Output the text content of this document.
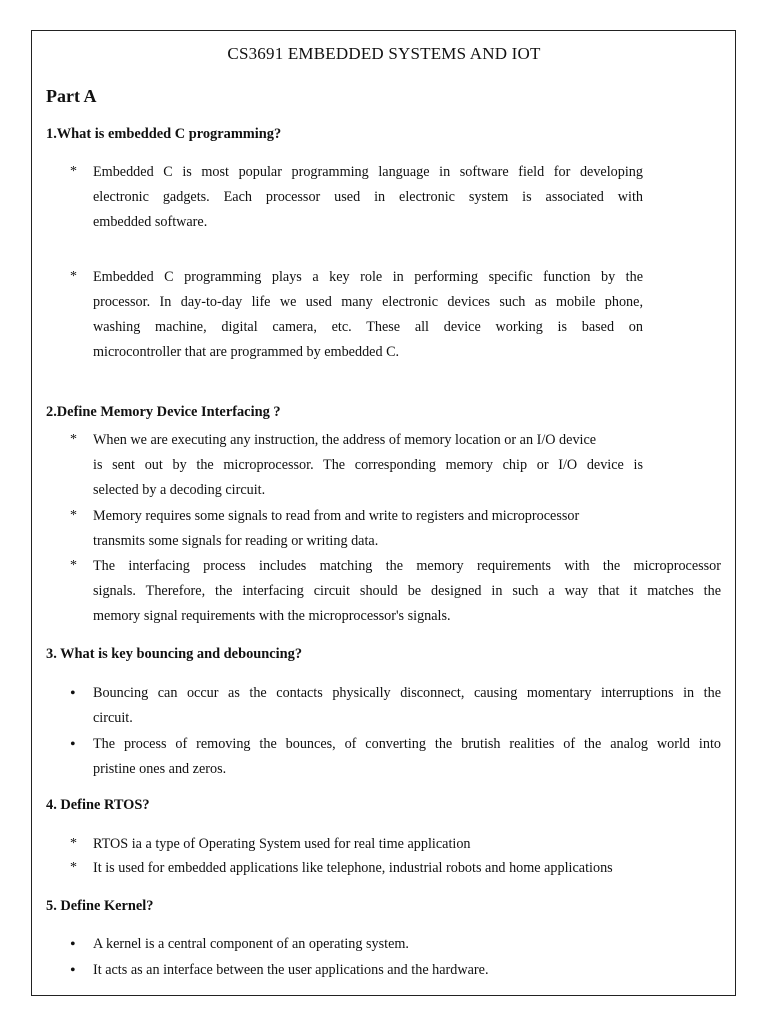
CS3691 EMBEDDED SYSTEMS AND IOT
Part A
1.What is embedded C programming?
* Embedded C is most popular programming language in software field for developing
electronic gadgets. Each processor used in electronic system is associated with
embedded software.
* Embedded C programming plays a key role in performing specific function by the
processor. In day-to-day life we used many electronic devices such as mobile phone,
washing machine, digital camera, etc. These all device working is based on
microcontroller that are programmed by embedded C.
2.Define Memory Device Interfacing ?
* When we are executing any instruction, the address of memory location or an I/O device
is sent out by the microprocessor. The corresponding memory chip or I/O device is
selected by a decoding circuit.
* Memory requires some signals to read from and write to registers and microprocessor
transmits some signals for reading or writing data.
* The interfacing process includes matching the memory requirements with the microprocessor
signals. Therefore, the interfacing circuit should be designed in such a way that it matches the
memory signal requirements with the microprocessor's signals.
3. What is key bouncing and debouncing?
• Bouncing can occur as the contacts physically disconnect, causing momentary interruptions in the
circuit.
• The process of removing the bounces, of converting the brutish realities of the analog world into
pristine ones and zeros.
4. Define RTOS?
* RTOS ia a type of Operating System used for real time application
* It is used for embedded applications like telephone, industrial robots and home applications
5. Define Kernel?
• A kernel is a central component of an operating system.
• It acts as an interface between the user applications and the hardware.
